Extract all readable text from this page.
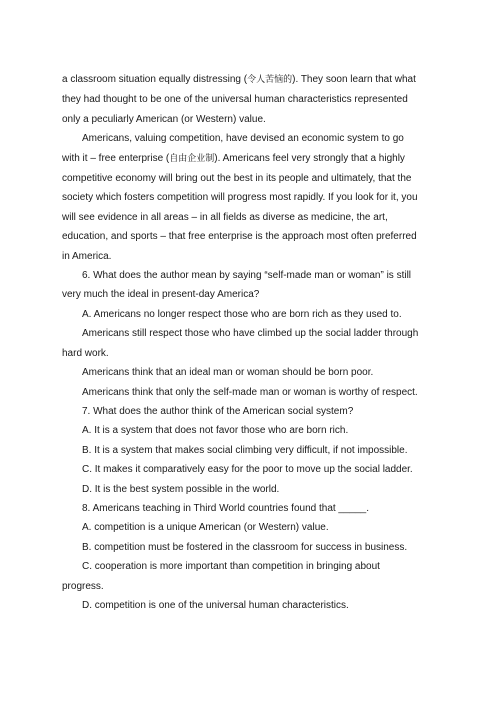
a classroom situation equally distressing (令人苦恼的). They soon learn that what they had thought to be one of the universal human characteristics represented only a peculiarly American (or Western) value.

Americans, valuing competition, have devised an economic system to go with it – free enterprise (自由企业制). Americans feel very strongly that a highly competitive economy will bring out the best in its people and ultimately, that the society which fosters competition will progress most rapidly. If you look for it, you will see evidence in all areas – in all fields as diverse as medicine, the art, education, and sports – that free enterprise is the approach most often preferred in America.

6. What does the author mean by saying “self-made man or woman” is still very much the ideal in present-day America?

A. Americans no longer respect those who are born rich as they used to.

Americans still respect those who have climbed up the social ladder through hard work.

Americans think that an ideal man or woman should be born poor.

Americans think that only the self-made man or woman is worthy of respect.

7. What does the author think of the American social system?

A. It is a system that does not favor those who are born rich.

B. It is a system that makes social climbing very difficult, if not impossible.

C. It makes it comparatively easy for the poor to move up the social ladder.

D. It is the best system possible in the world.

8. Americans teaching in Third World countries found that _____.

A. competition is a unique American (or Western) value.

B. competition must be fostered in the classroom for success in business.

C. cooperation is more important than competition in bringing about progress.

D. competition is one of the universal human characteristics.
